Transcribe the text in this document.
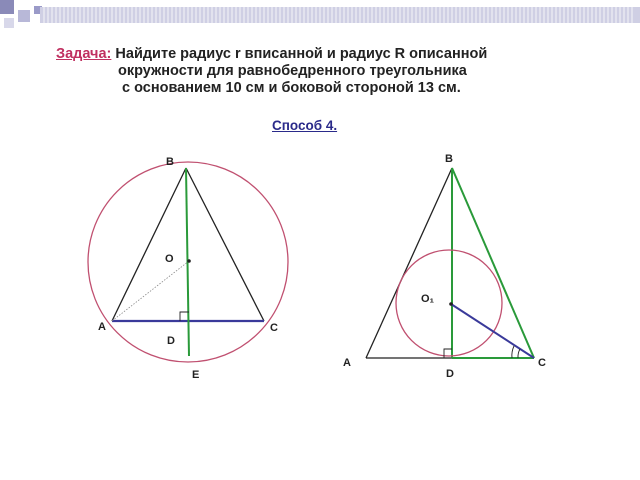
Задача: Найдите радиус r вписанной и радиус R описанной
окружности для равнобедренного треугольника
с основанием 10 см и боковой стороной 13 см.
Способ 4.
B
O
A	C
D
E
B
O₁
A	C
D
